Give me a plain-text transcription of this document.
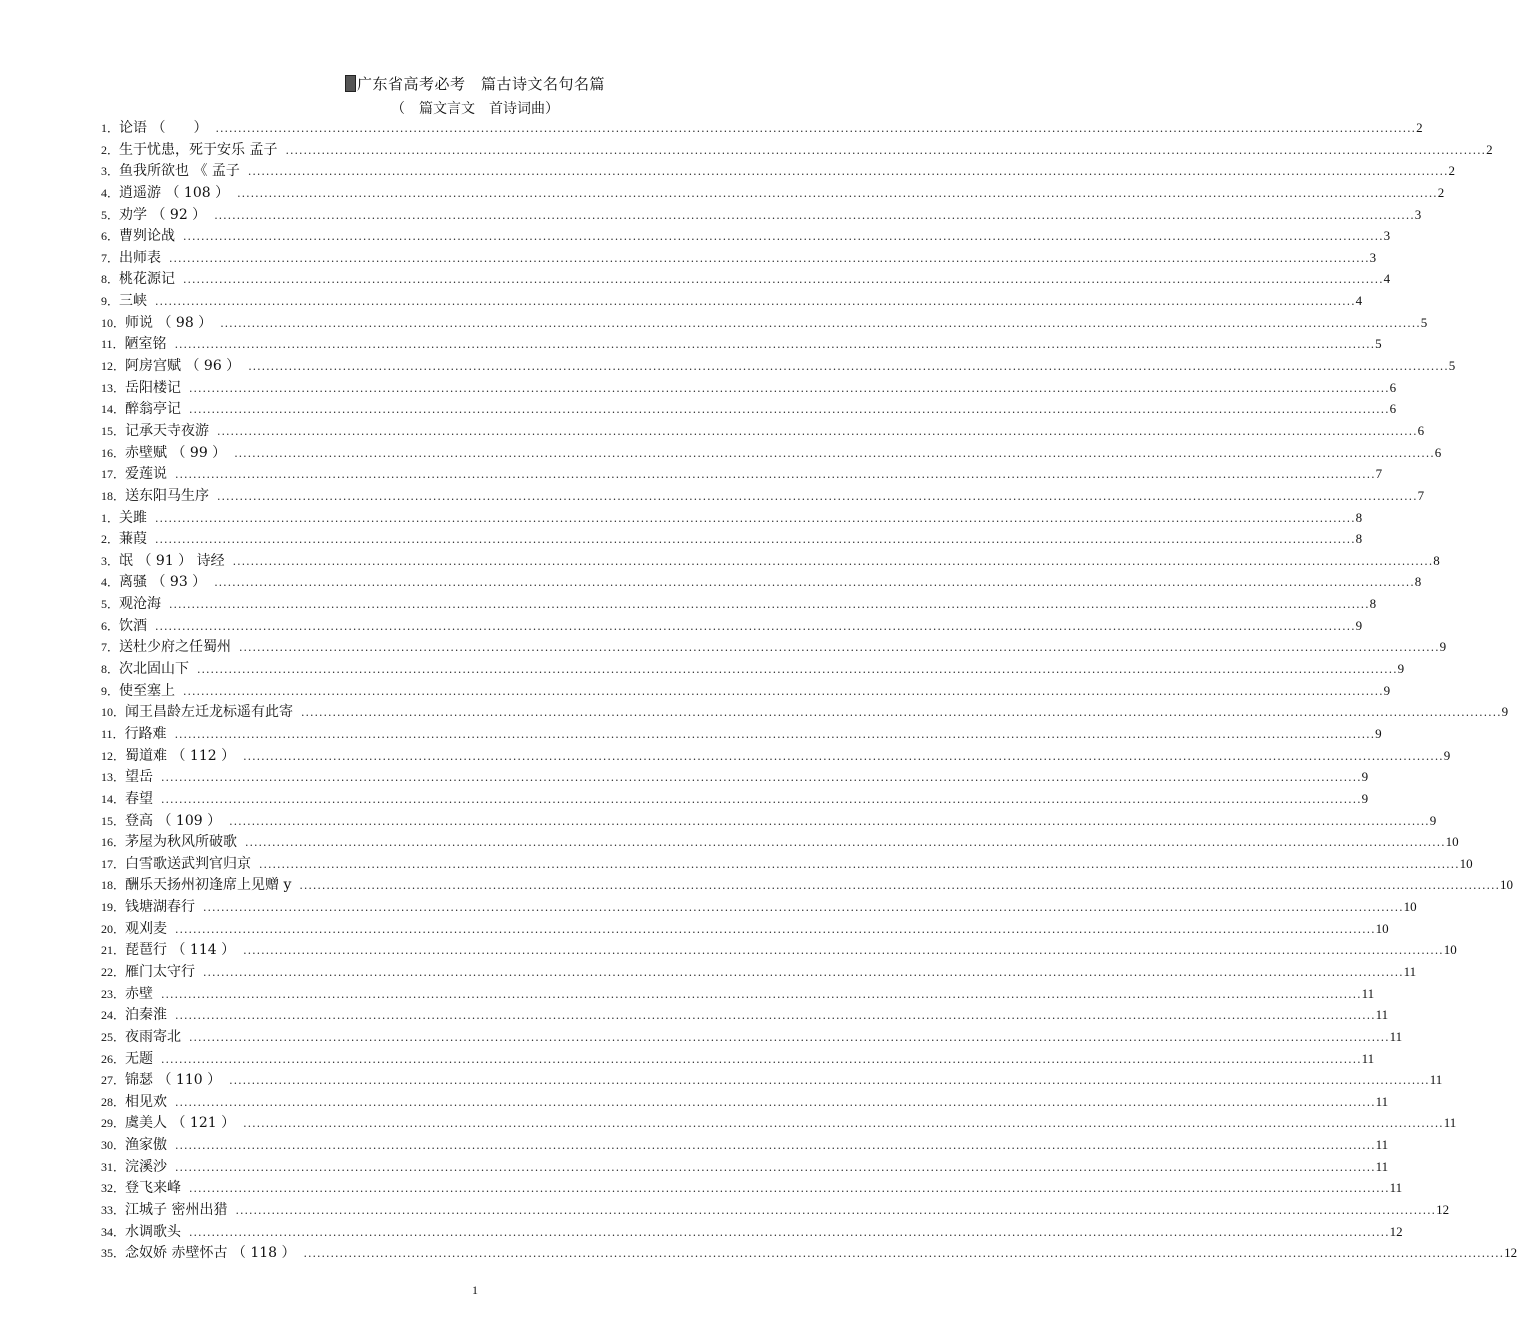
广东省高考必考　篇古诗文名句名篇
（　篇文言文　首诗词曲）
1． 论语 （　　） .....	2
2． 生于忧患，死于安乐 孟子 .....	2
3． 鱼我所欲也 《 孟子 .....	2
4． 逍遥游 （ 108 ） .....	2
5． 劝学 （ 92 ） .....	3
6． 曹刿论战 .....	3
7． 出师表 .....	3
8． 桃花源记 .....	4
9． 三峡 .....	4
10． 师说 （ 98 ） .....	5
11． 陋室铭 .....	5
12． 阿房宫赋 （ 96 ） .....	5
13． 岳阳楼记 .....	6
14． 醉翁亭记 .....	6
15． 记承天寺夜游 .....	6
16． 赤壁赋 （ 99 ） .....	6
17． 爱莲说 .....	7
18． 送东阳马生序 .....	7
1． 关雎 .....	8
2． 蒹葭 .....	8
3． 氓 （ 91 ） 诗经 .....	8
4． 离骚 （ 93 ） .....	8
5． 观沧海 .....	8
6． 饮酒 .....	9
7． 送杜少府之任蜀州 .....	9
8． 次北固山下 .....	9
9． 使至塞上 .....	9
10． 闻王昌龄左迁龙标遥有此寄 .....	9
11． 行路难 .....	9
12． 蜀道难 （ 112 ） .....	9
13． 望岳 .....	9
14． 春望 .....	9
15． 登高 （ 109 ） .....	9
16． 茅屋为秋风所破歌 .....	10
17． 白雪歌送武判官归京 .....	10
18． 酬乐天扬州初逢席上见赠 y .....	10
19． 钱塘湖春行 .....	10
20． 观刈麦 .....	10
21． 琵琶行 （ 114 ） .....	10
22． 雁门太守行 .....	11
23． 赤壁 .....	11
24． 泊秦淮 .....	11
25． 夜雨寄北 .....	11
26． 无题 .....	11
27． 锦瑟 （ 110 ） .....	11
28． 相见欢 .....	11
29． 虞美人 （ 121 ） .....	11
30． 渔家傲 .....	11
31． 浣溪沙 .....	11
32． 登飞来峰 .....	11
33． 江城子 密州出猎 .....	12
34． 水调歌头 .....	12
35． 念奴娇 赤壁怀古 （ 118 ） .....	12
1
